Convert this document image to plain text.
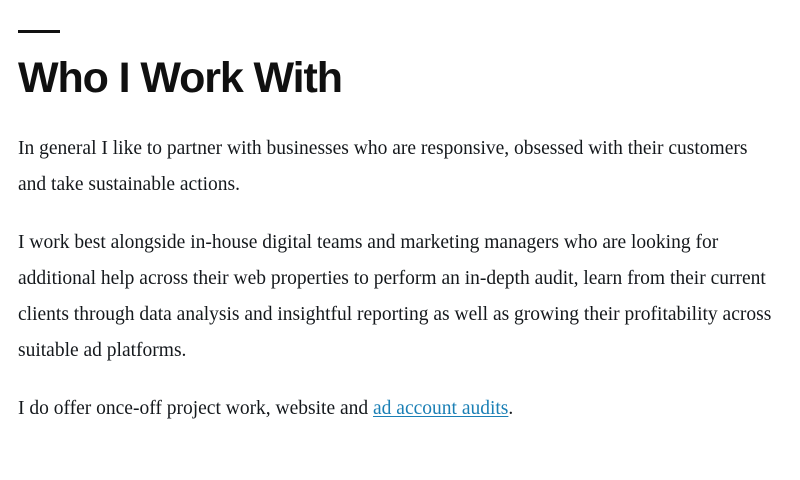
Who I Work With

In general I like to partner with businesses who are responsive, obsessed with their customers and take sustainable actions.

I work best alongside in-house digital teams and marketing managers who are looking for additional help across their web properties to perform an in-depth audit, learn from their current clients through data analysis and insightful reporting as well as growing their profitability across suitable ad platforms.

I do offer once-off project work, website and ad account audits.
